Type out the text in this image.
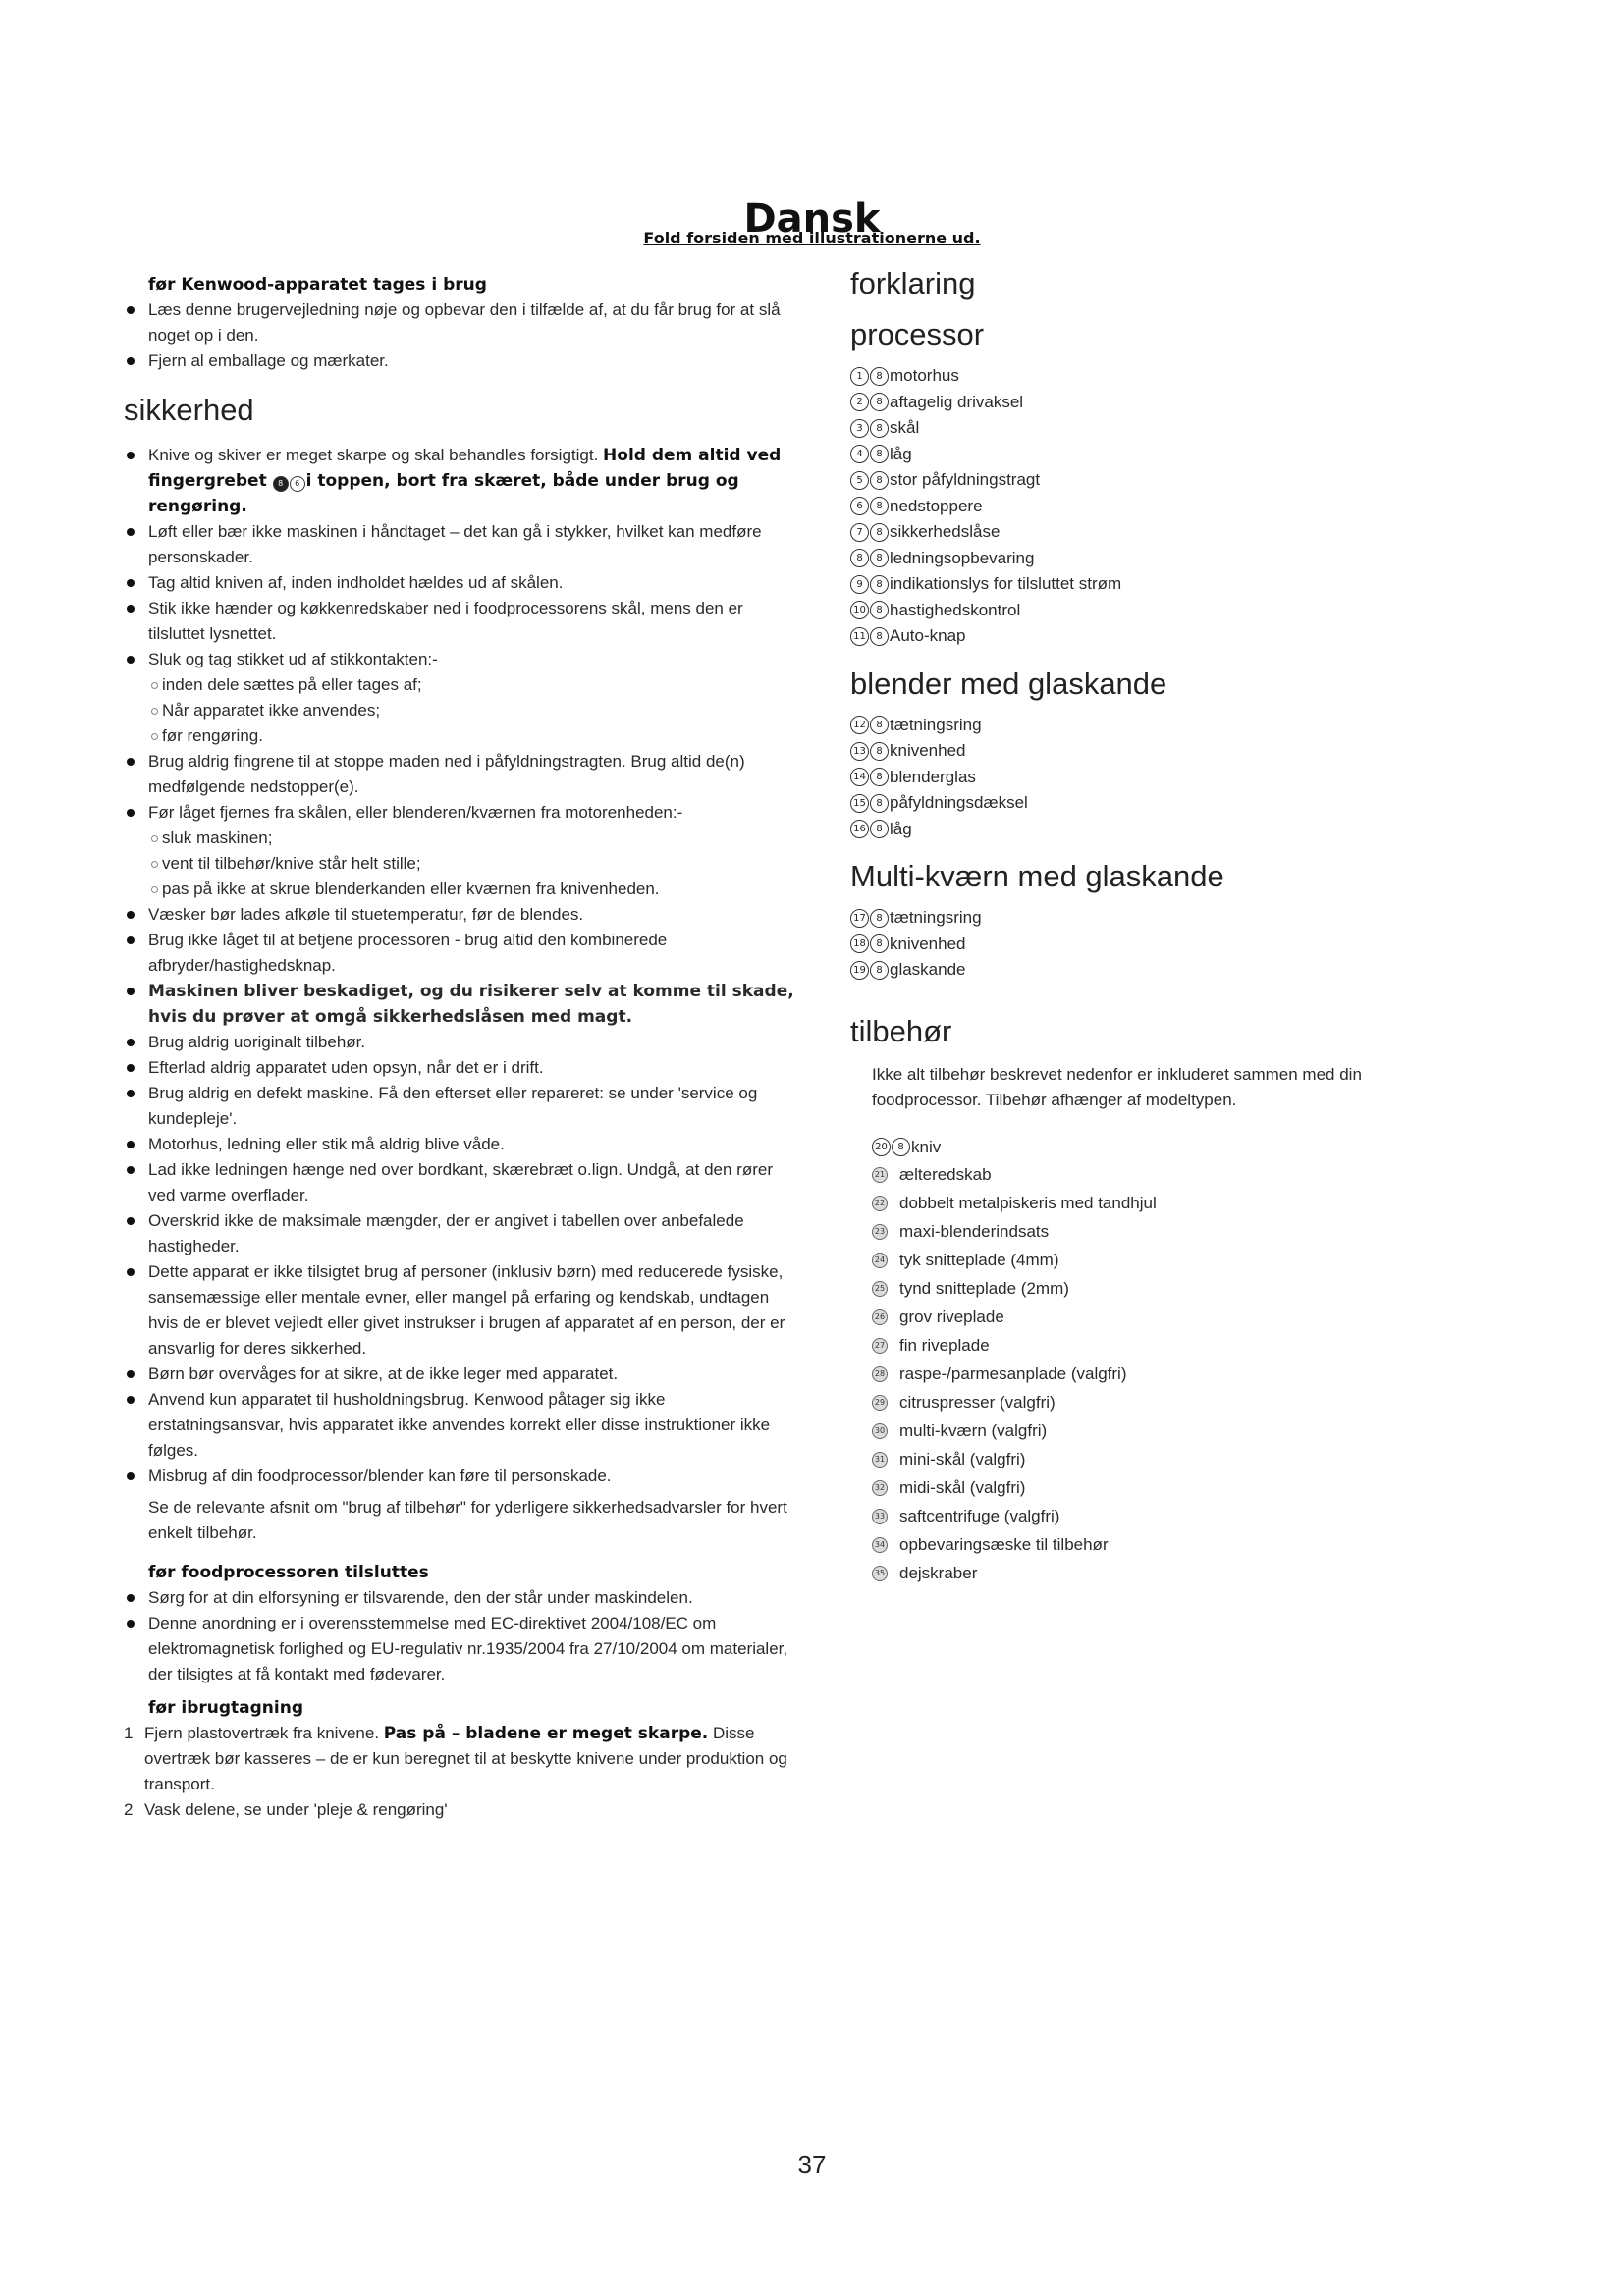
Dansk
Fold forsiden med illustrationerne ud.
før Kenwood-apparatet tages i brug
Læs denne brugervejledning nøje og opbevar den i tilfælde af, at du får brug for at slå noget op i den.
Fjern al emballage og mærkater.
sikkerhed
Knive og skiver er meget skarpe og skal behandles forsigtigt. Hold dem altid ved fingergrebet 8 6 i toppen, bort fra skæret, både under brug og rengøring.
Løft eller bær ikke maskinen i håndtaget – det kan gå i stykker, hvilket kan medføre personskader.
Tag altid kniven af, inden indholdet hældes ud af skålen.
Stik ikke hænder og køkkenredskaber ned i foodprocessorens skål, mens den er tilsluttet lysnettet.
Sluk og tag stikket ud af stikkontakten:-
inden dele sættes på eller tages af;
Når apparatet ikke anvendes;
før rengøring.
Brug aldrig fingrene til at stoppe maden ned i påfyldningstragten. Brug altid de(n) medfølgende nedstopper(e).
Før låget fjernes fra skålen, eller blenderen/kværnen fra motorenheden:-
sluk maskinen;
vent til tilbehør/knive står helt stille;
pas på ikke at skrue blenderkanden eller kværnen fra knivenheden.
Væsker bør lades afkøle til stuetemperatur, før de blendes.
Brug ikke låget til at betjene processoren - brug altid den kombinerede afbryder/hastighedsknap.
Maskinen bliver beskadiget, og du risikerer selv at komme til skade, hvis du prøver at omgå sikkerhedslåsen med magt.
Brug aldrig uoriginalt tilbehør.
Efterlad aldrig apparatet uden opsyn, når det er i drift.
Brug aldrig en defekt maskine. Få den efterset eller repareret: se under 'service og kundepleje'.
Motorhus, ledning eller stik må aldrig blive våde.
Lad ikke ledningen hænge ned over bordkant, skærebræt o.lign. Undgå, at den rører ved varme overflader.
Overskrid ikke de maksimale mængder, der er angivet i tabellen over anbefalede hastigheder.
Dette apparat er ikke tilsigtet brug af personer (inklusiv børn) med reducerede fysiske, sansemæssige eller mentale evner, eller mangel på erfaring og kendskab, undtagen hvis de er blevet vejledt eller givet instrukser i brugen af apparatet af en person, der er ansvarlig for deres sikkerhed.
Børn bør overvåges for at sikre, at de ikke leger med apparatet.
Anvend kun apparatet til husholdningsbrug. Kenwood påtager sig ikke erstatningsansvar, hvis apparatet ikke anvendes korrekt eller disse instruktioner ikke følges.
Misbrug af din foodprocessor/blender kan føre til personskade.

Se de relevante afsnit om "brug af tilbehør" for yderligere sikkerhedsadvarsler for hvert enkelt tilbehør.

før foodprocessoren tilsluttes
Sørg for at din elforsyning er tilsvarende, den der står under maskindelen.
Denne anordning er i overensstemmelse med EC-direktivet 2004/108/EC om elektromagnetisk forlighed og EU-regulativ nr.1935/2004 fra 27/10/2004 om materialer, der tilsigtes at få kontakt med fødevarer.
før ibrugtagning
1 Fjern plastovertræk fra knivene. Pas på – bladene er meget skarpe. Disse overtræk bør kasseres – de er kun beregnet til at beskytte knivene under produktion og transport.
2 Vask delene, se under 'pleje & rengøring'
forklaring
processor
1	8 motorhus
2	8 aftagelig drivaksel
3	8 skål
4	8 låg
5	8 stor påfyldningstragt
6	8 nedstoppere
7	8 sikkerhedslåse
8	8 ledningsopbevaring
9	8 indikationslys for tilsluttet strøm
10	8 hastighedskontrol
11	8 Auto-knap
blender med glaskande
12	8 tætningsring
13	8 knivenhed
14	8 blenderglas
15	8 påfyldningsdæksel
16	8 låg
Multi-kværn med glaskande
17	8 tætningsring
18	8 knivenhed
19	8 glaskande
tilbehør

Ikke alt tilbehør beskrevet nedenfor er inkluderet sammen med din foodprocessor. Tilbehør afhænger af modeltypen.

20	8 kniv
21 ælteredskab
22 dobbelt metalpiskeris med tandhjul
23 maxi-blenderindsats
24 tyk snitteplade (4mm)
25 tynd snitteplade (2mm)
26 grov riveplade
27 fin riveplade
28 raspe-/parmesanplade (valgfri)
29 citruspresser (valgfri)
30 multi-kværn (valgfri)
31 mini-skål (valgfri)
32 midi-skål (valgfri)
33 saftcentrifuge (valgfri)
34 opbevaringsæske til tilbehør
35 dejskraber
37
